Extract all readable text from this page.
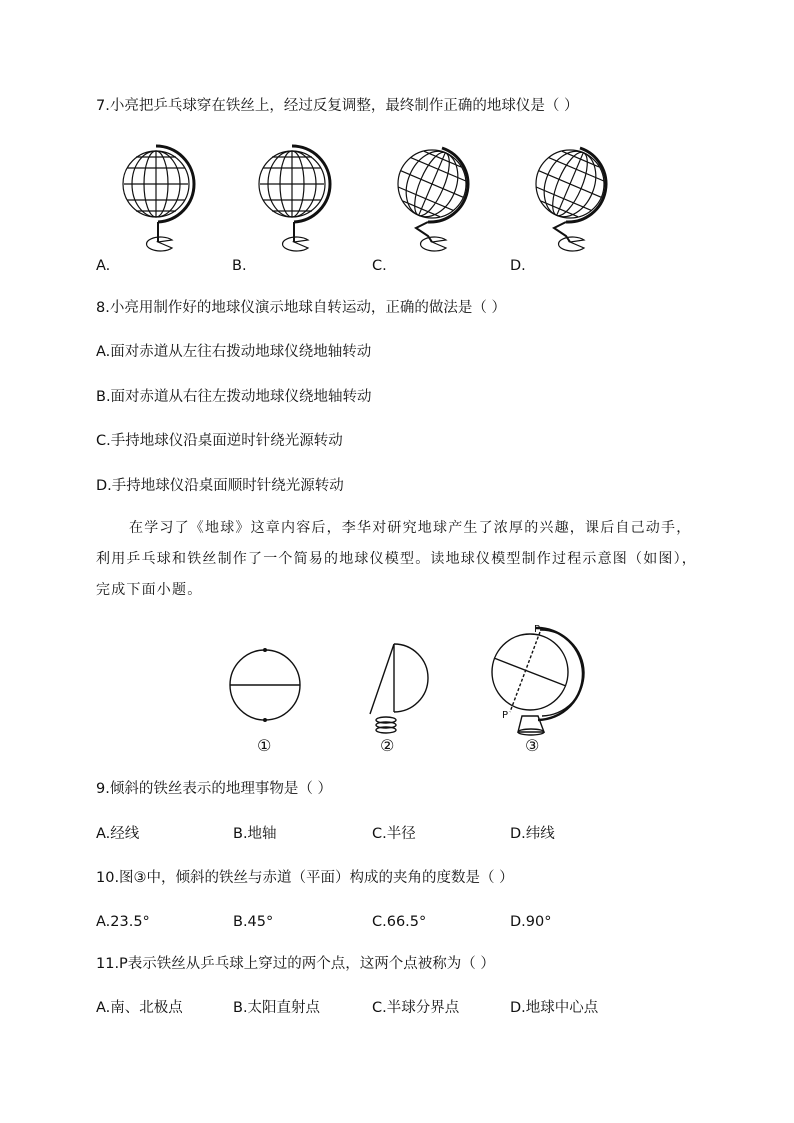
7.小亮把乒乓球穿在铁丝上，经过反复调整，最终制作正确的地球仪是（ ）
A.	B.	C.	D.
8.小亮用制作好的地球仪演示地球自转运动，正确的做法是（ ）
A.面对赤道从左往右拨动地球仪绕地轴转动
B.面对赤道从右往左拨动地球仪绕地轴转动
C.手持地球仪沿桌面逆时针绕光源转动
D.手持地球仪沿桌面顺时针绕光源转动
在学习了《地球》这章内容后，李华对研究地球产生了浓厚的兴趣，课后自己动手，利用乒乓球和铁丝制作了一个简易的地球仪模型。读地球仪模型制作过程示意图（如图），完成下面小题。
①	②
P
P
③
9.倾斜的铁丝表示的地理事物是（ ）
A.经线	B.地轴	C.半径	D.纬线
10.图③中，倾斜的铁丝与赤道（平面）构成的夹角的度数是（ ）
A.23.5°	B.45°	C.66.5°	D.90°
11.P表示铁丝从乒乓球上穿过的两个点，这两个点被称为（ ）
A.南、北极点	B.太阳直射点	C.半球分界点	D.地球中心点
